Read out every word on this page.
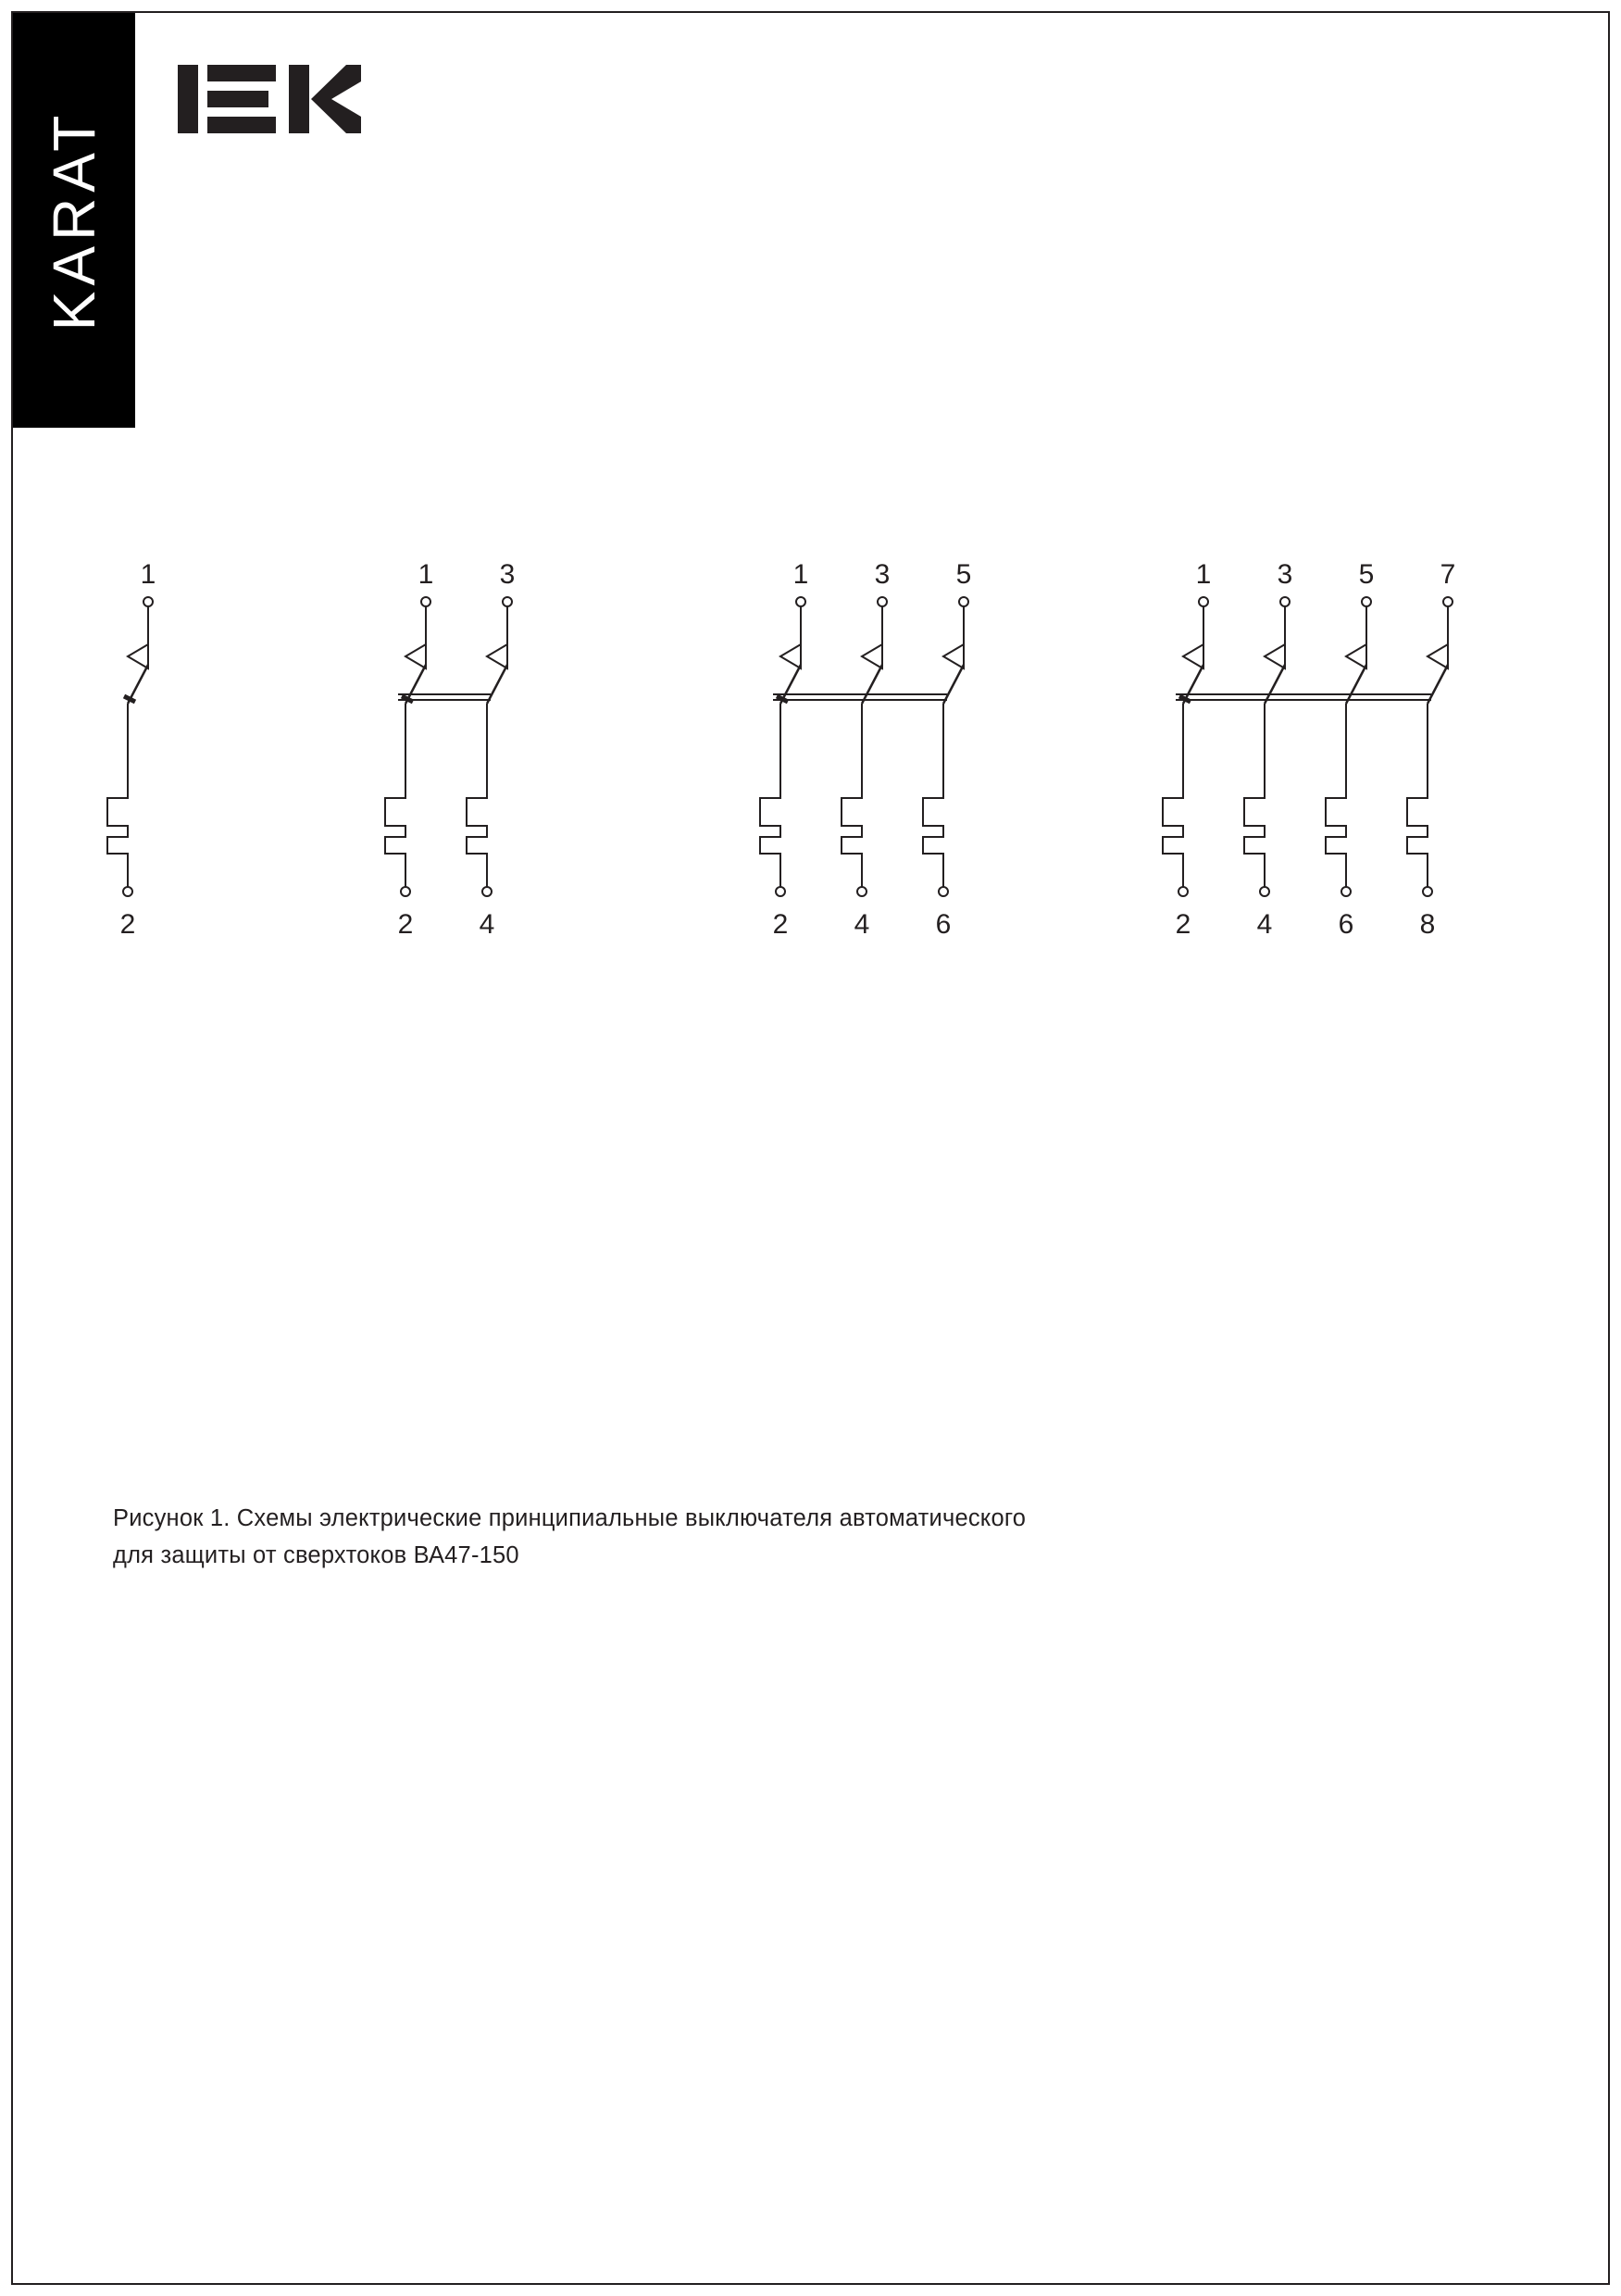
KARAT
1
2
1 3
2 4
1 3 5
2 4 6
1 3 5 7
2 4 6 8
Рисунок 1. Схемы электрические принципиальные выключателя автоматического
для защиты от сверхтоков ВА47-150
